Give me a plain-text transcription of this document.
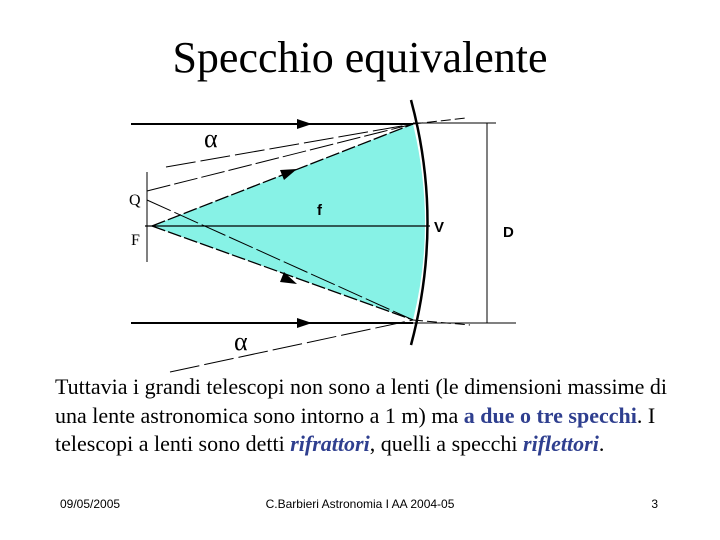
Specchio equivalente
α
α
Q
F
f
V	D
Tuttavia i grandi telescopi non sono a lenti (le dimensioni massime di una lente astronomica sono intorno a 1 m) ma a due o tre specchi. I telescopi a lenti sono detti rifrattori, quelli a specchi riflettori.
09/05/2005	C.Barbieri Astronomia I AA 2004-05	3
